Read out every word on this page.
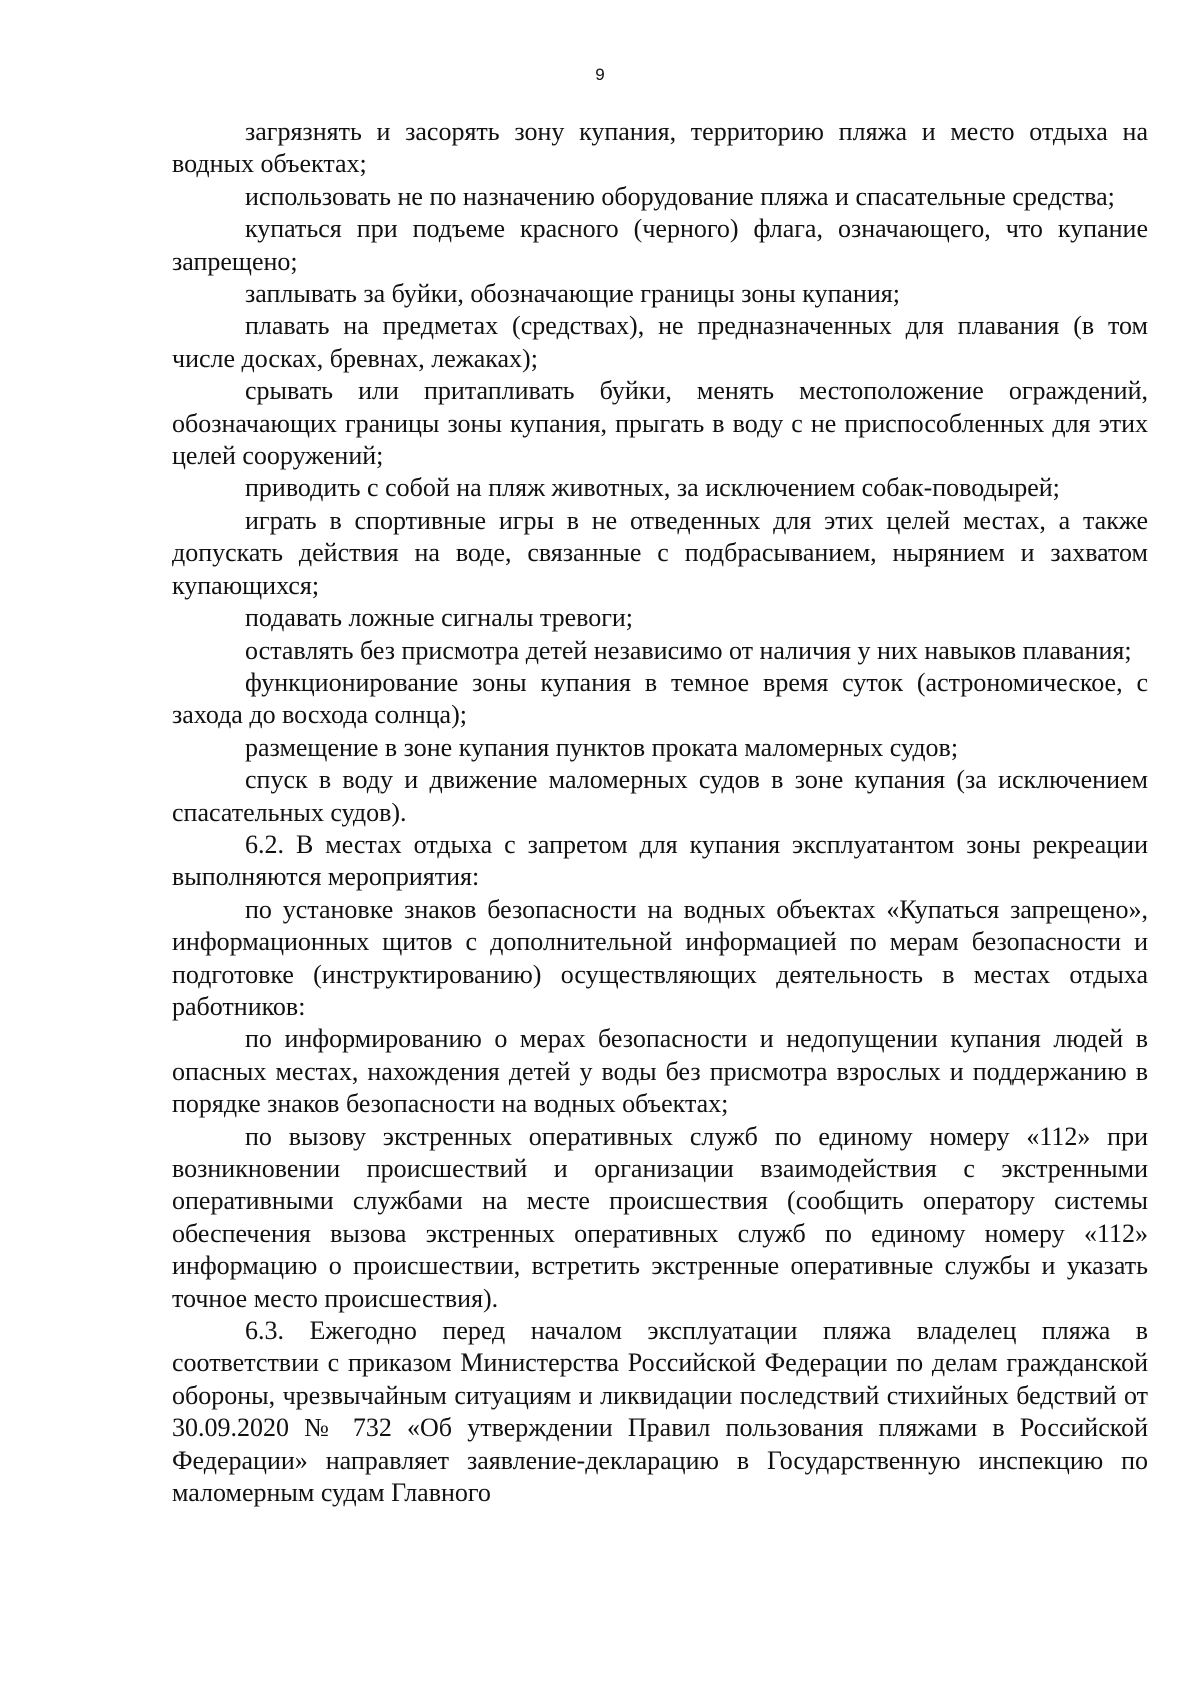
9

загрязнять и засорять зону купания, территорию пляжа и место отдыха на водных объектах;

использовать не по назначению оборудование пляжа и спасательные средства;

купаться при подъеме красного (черного) флага, означающего, что купание запрещено;

заплывать за буйки, обозначающие границы зоны купания;

плавать на предметах (средствах), не предназначенных для плавания (в том числе досках, бревнах, лежаках);

срывать или притапливать буйки, менять местоположение ограждений, обозначающих границы зоны купания, прыгать в воду с не приспособленных для этих целей сооружений;

приводить с собой на пляж животных, за исключением собак-поводырей;

играть в спортивные игры в не отведенных для этих целей местах, а также допускать действия на воде, связанные с подбрасыванием, нырянием и захватом купающихся;

подавать ложные сигналы тревоги;

оставлять без присмотра детей независимо от наличия у них навыков плавания;

функционирование зоны купания в темное время суток (астрономическое, с захода до восхода солнца);

размещение в зоне купания пунктов проката маломерных судов;

спуск в воду и движение маломерных судов в зоне купания (за исключением спасательных судов).

6.2. В местах отдыха с запретом для купания эксплуатантом зоны рекреации выполняются мероприятия:

по установке знаков безопасности на водных объектах «Купаться запрещено», информационных щитов с дополнительной информацией по мерам безопасности и подготовке (инструктированию) осуществляющих деятельность в местах отдыха работников:

по информированию о мерах безопасности и недопущении купания людей в опасных местах, нахождения детей у воды без присмотра взрослых и поддержанию в порядке знаков безопасности на водных объектах;

по вызову экстренных оперативных служб по единому номеру «112» при возникновении происшествий и организации взаимодействия с экстренными оперативными службами на месте происшествия (сообщить оператору системы обеспечения вызова экстренных оперативных служб по единому номеру «112» информацию о происшествии, встретить экстренные оперативные службы и указать точное место происшествия).

6.3. Ежегодно перед началом эксплуатации пляжа владелец пляжа в соответствии с приказом Министерства Российской Федерации по делам гражданской обороны, чрезвычайным ситуациям и ликвидации последствий стихийных бедствий от 30.09.2020 № 732 «Об утверждении Правил пользования пляжами в Российской Федерации» направляет заявление-декларацию в Государственную инспекцию по маломерным судам Главного
